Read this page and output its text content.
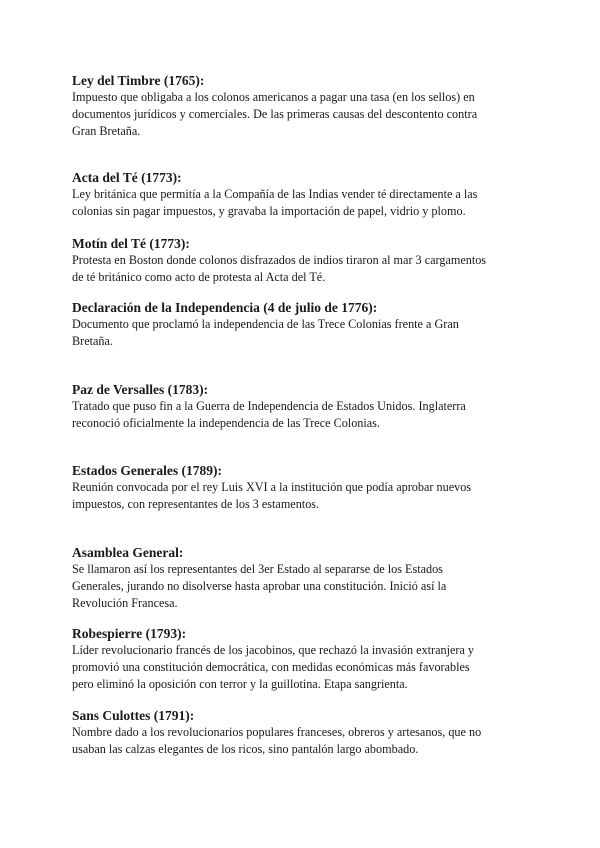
Ley del Timbre (1765):

Impuesto que obligaba a los colonos americanos a pagar una tasa (en los sellos) en

documentos jurídicos y comerciales. De las primeras causas del descontento contra

Gran Bretaña.

Acta del Té (1773):

Ley británica que permitía a la Compañía de las Indias vender té directamente a las

colonias sin pagar impuestos, y gravaba la importación de papel, vidrio y plomo.

Motín del Té (1773):

Protesta en Boston donde colonos disfrazados de indios tiraron al mar 3 cargamentos

de té británico como acto de protesta al Acta del Té.

Declaración de la Independencia (4 de julio de 1776):

Documento que proclamó la independencia de las Trece Colonias frente a Gran

Bretaña.

Paz de Versalles (1783):

Tratado que puso fin a la Guerra de Independencia de Estados Unidos. Inglaterra

reconoció oficialmente la independencia de las Trece Colonias.

Estados Generales (1789):

Reunión convocada por el rey Luis XVI a la institución que podía aprobar nuevos

impuestos, con representantes de los 3 estamentos.

Asamblea General:

Se llamaron así los representantes del 3er Estado al separarse de los Estados

Generales, jurando no disolverse hasta aprobar una constitución. Inició así la

Revolución Francesa.

Robespierre (1793):

Líder revolucionario francés de los jacobinos, que rechazó la invasión extranjera y

promovió una constitución democrática, con medidas económicas más favorables

pero eliminó la oposición con terror y la guillotina. Etapa sangrienta.

Sans Culottes (1791):

Nombre dado a los revolucionarios populares franceses, obreros y artesanos, que no

usaban las calzas elegantes de los ricos, sino pantalón largo abombado.
